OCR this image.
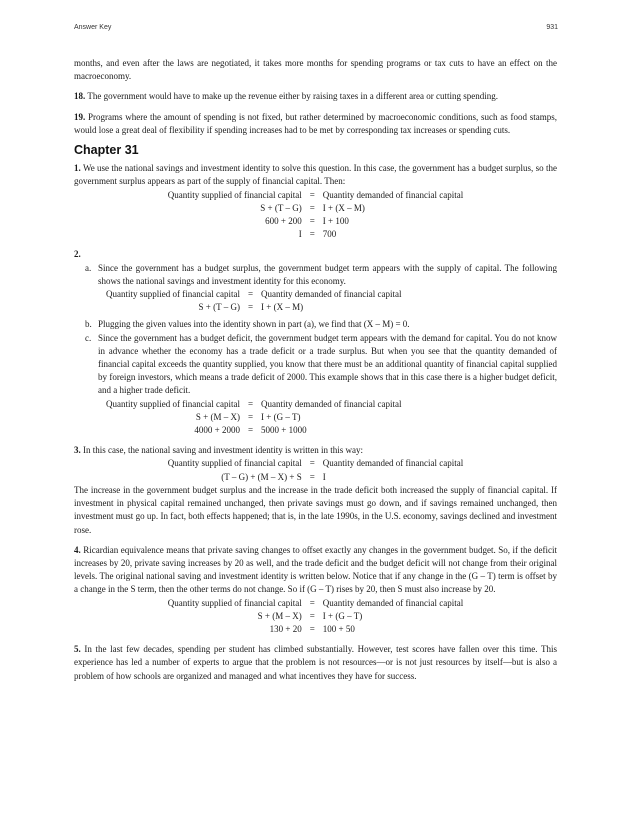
Answer Key	931

months, and even after the laws are negotiated, it takes more months for spending programs or tax cuts to have an effect on the macroeconomy.

18. The government would have to make up the revenue either by raising taxes in a different area or cutting spending.

19. Programs where the amount of spending is not fixed, but rather determined by macroeconomic conditions, such as food stamps, would lose a great deal of flexibility if spending increases had to be met by corresponding tax increases or spending cuts.

Chapter 31

1. We use the national savings and investment identity to solve this question. In this case, the government has a budget surplus, so the government surplus appears as part of the supply of financial capital. Then:

Quantity supplied of financial capital	=	Quantity demanded of financial capital
S + (T – G)	=	I + (X – M)
600 + 200	=	I + 100
I	=	700

2.

a. Since the government has a budget surplus, the government budget term appears with the supply of capital. The following shows the national savings and investment identity for this economy.

Quantity supplied of financial capital	=	Quantity demanded of financial capital
S + (T – G)	=	I + (X – M)
b. Plugging the given values into the identity shown in part (a), we find that (X – M) = 0.

c. Since the government has a budget deficit, the government budget term appears with the demand for capital. You do not know in advance whether the economy has a trade deficit or a trade surplus. But when you see that the quantity demanded of financial capital exceeds the quantity supplied, you know that there must be an additional quantity of financial capital supplied by foreign investors, which means a trade deficit of 2000. This example shows that in this case there is a higher budget deficit, and a higher trade deficit.

Quantity supplied of financial capital	=	Quantity demanded of financial capital
S + (M – X)	=	I + (G – T)
4000 + 2000	=	5000 + 1000

3. In this case, the national saving and investment identity is written in this way:

Quantity supplied of financial capital	=	Quantity demanded of financial capital
(T – G) + (M – X) + S	=	I

The increase in the government budget surplus and the increase in the trade deficit both increased the supply of financial capital. If investment in physical capital remained unchanged, then private savings must go down, and if savings remained unchanged, then investment must go up. In fact, both effects happened; that is, in the late 1990s, in the U.S. economy, savings declined and investment rose.

4. Ricardian equivalence means that private saving changes to offset exactly any changes in the government budget. So, if the deficit increases by 20, private saving increases by 20 as well, and the trade deficit and the budget deficit will not change from their original levels. The original national saving and investment identity is written below. Notice that if any change in the (G – T) term is offset by a change in the S term, then the other terms do not change. So if (G – T) rises by 20, then S must also increase by 20.

Quantity supplied of financial capital	=	Quantity demanded of financial capital
S + (M – X)	=	I + (G – T)
130 + 20	=	100 + 50

5. In the last few decades, spending per student has climbed substantially. However, test scores have fallen over this time. This experience has led a number of experts to argue that the problem is not resources—or is not just resources by itself—but is also a problem of how schools are organized and managed and what incentives they have for success.
